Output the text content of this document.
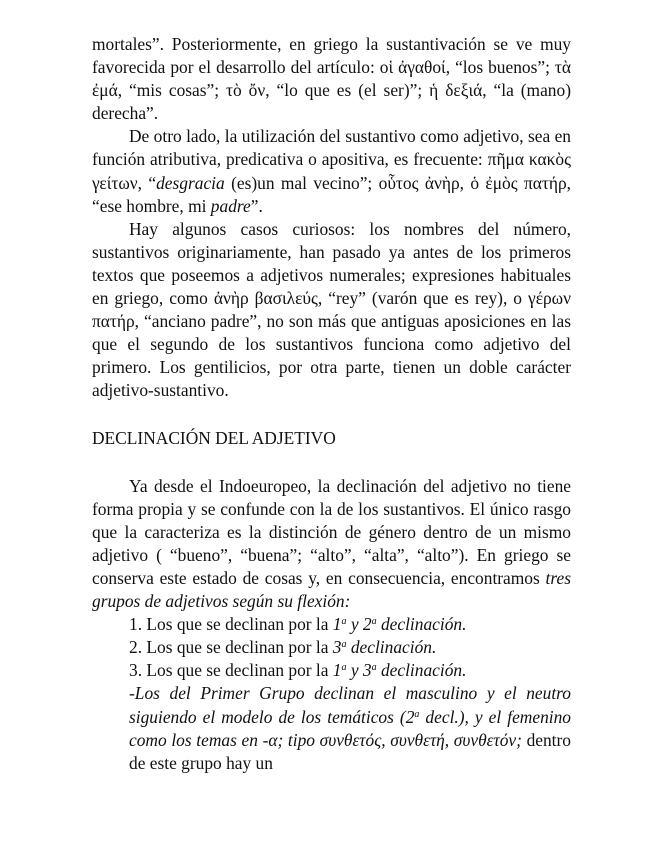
mortales”. Posteriormente, en griego la sustantivación se ve muy favorecida por el desarrollo del artículo: οἱ ἀγαθοί, “los buenos”; τὰ ἐμά, “mis cosas”; τὸ ὄν, “lo que es (el ser)”; ἡ δεξιά, “la (mano) derecha”.

De otro lado, la utilización del sustantivo como adjetivo, sea en función atributiva, predicativa o apositiva, es frecuente: πῆμα κακὸς γείτων, “desgracia (es)un mal vecino”; οὗτος ἀνὴρ, ὁ ἐμὸς πατήρ, “ese hombre, mi padre”.

Hay algunos casos curiosos: los nombres del número, sustantivos originariamente, han pasado ya antes de los primeros textos que poseemos a adjetivos numerales; expresiones habituales en griego, como ἀνὴρ βασιλεύς, “rey” (varón que es rey), o γέρων πατήρ, “anciano padre”, no son más que antiguas aposiciones en las que el segundo de los sustantivos funciona como adjetivo del primero. Los gentilicios, por otra parte, tienen un doble carácter adjetivo-sustantivo.

DECLINACIÓN DEL ADJETIVO

Ya desde el Indoeuropeo, la declinación del adjetivo no tiene forma propia y se confunde con la de los sustantivos. El único rasgo que la caracteriza es la distinción de género dentro de un mismo adjetivo ( “bueno”, “buena”; “alto”, “alta”, “alto”). En griego se conserva este estado de cosas y, en consecuencia, encontramos tres grupos de adjetivos según su flexión:

1. Los que se declinan por la 1$^a$ y 2$^a$ declinación.

2. Los que se declinan por la 3$^a$ declinación.

3. Los que se declinan por la 1$^a$ y 3$^a$ declinación.

-Los del Primer Grupo declinan el masculino y el neutro siguiendo el modelo de los temáticos (2$^a$ decl.), y el femenino como los temas en -α; tipo συνθετός, συνθετή, συνθετόν; dentro de este grupo hay un
